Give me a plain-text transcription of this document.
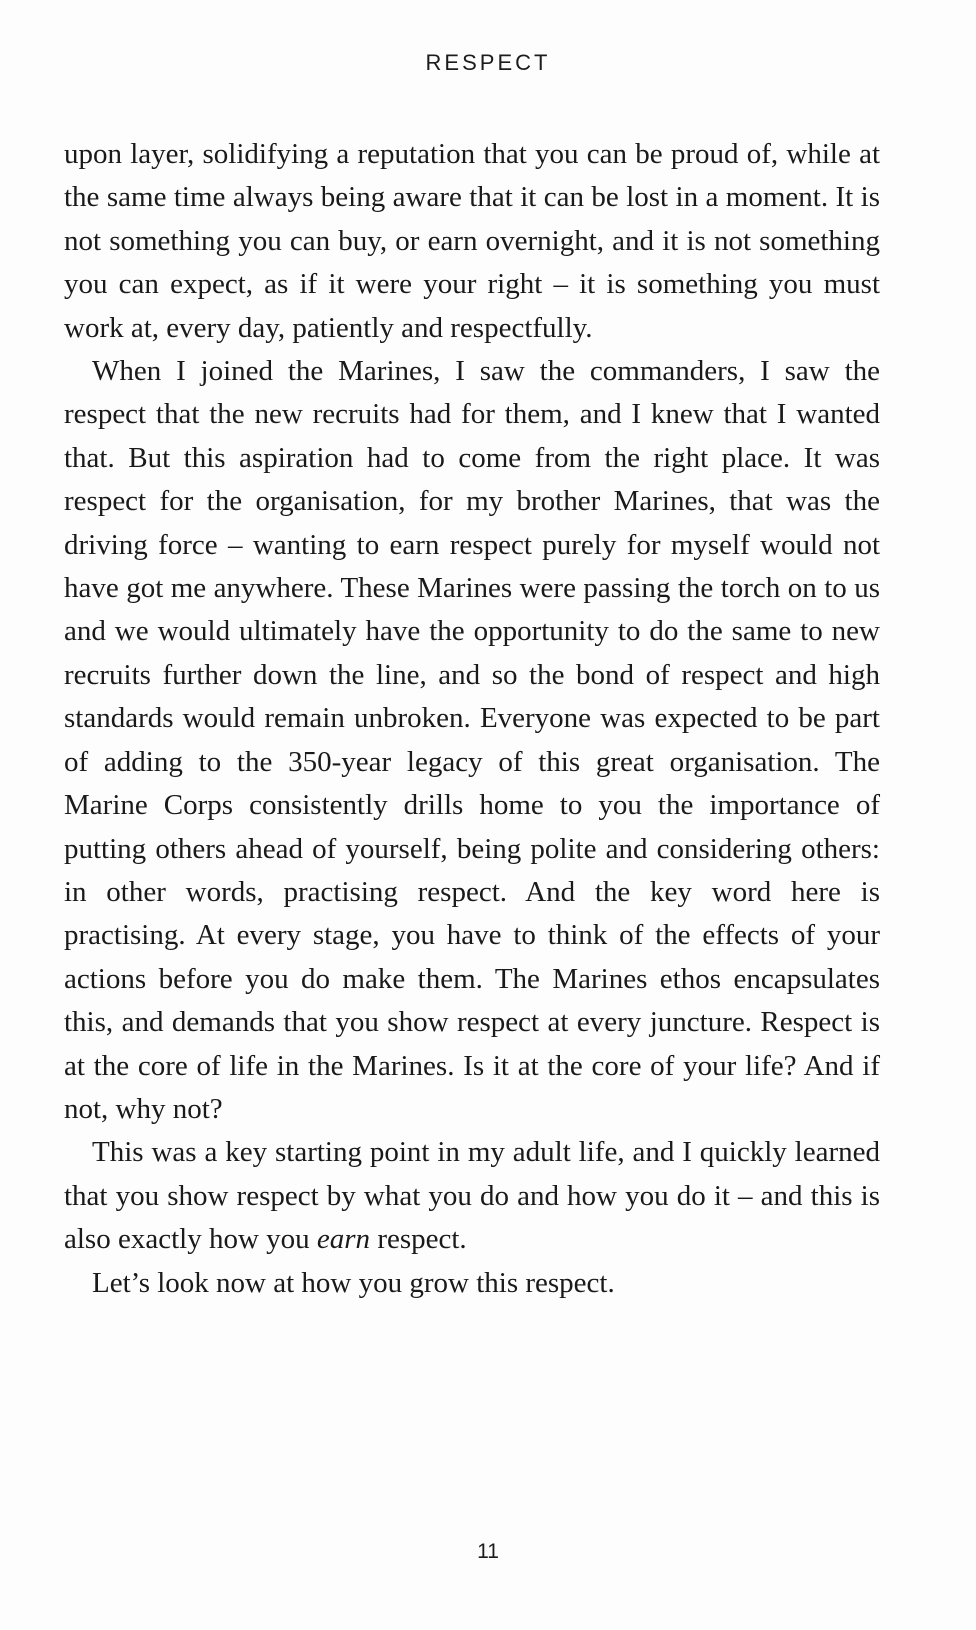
RESPECT

upon layer, solidifying a reputation that you can be proud of, while at the same time always being aware that it can be lost in a moment. It is not something you can buy, or earn overnight, and it is not something you can expect, as if it were your right – it is something you must work at, every day, patiently and respectfully.

When I joined the Marines, I saw the commanders, I saw the respect that the new recruits had for them, and I knew that I wanted that. But this aspiration had to come from the right place. It was respect for the organisation, for my brother Marines, that was the driving force – wanting to earn respect purely for myself would not have got me anywhere. These Marines were passing the torch on to us and we would ultimately have the opportunity to do the same to new recruits further down the line, and so the bond of respect and high standards would remain unbroken. Everyone was expected to be part of adding to the 350-year legacy of this great organisation. The Marine Corps consistently drills home to you the importance of putting others ahead of yourself, being polite and considering others: in other words, practising respect. And the key word here is practising. At every stage, you have to think of the effects of your actions before you do make them. The Marines ethos encapsulates this, and demands that you show respect at every juncture. Respect is at the core of life in the Marines. Is it at the core of your life? And if not, why not?

This was a key starting point in my adult life, and I quickly learned that you show respect by what you do and how you do it – and this is also exactly how you earn respect.

Let’s look now at how you grow this respect.

11
